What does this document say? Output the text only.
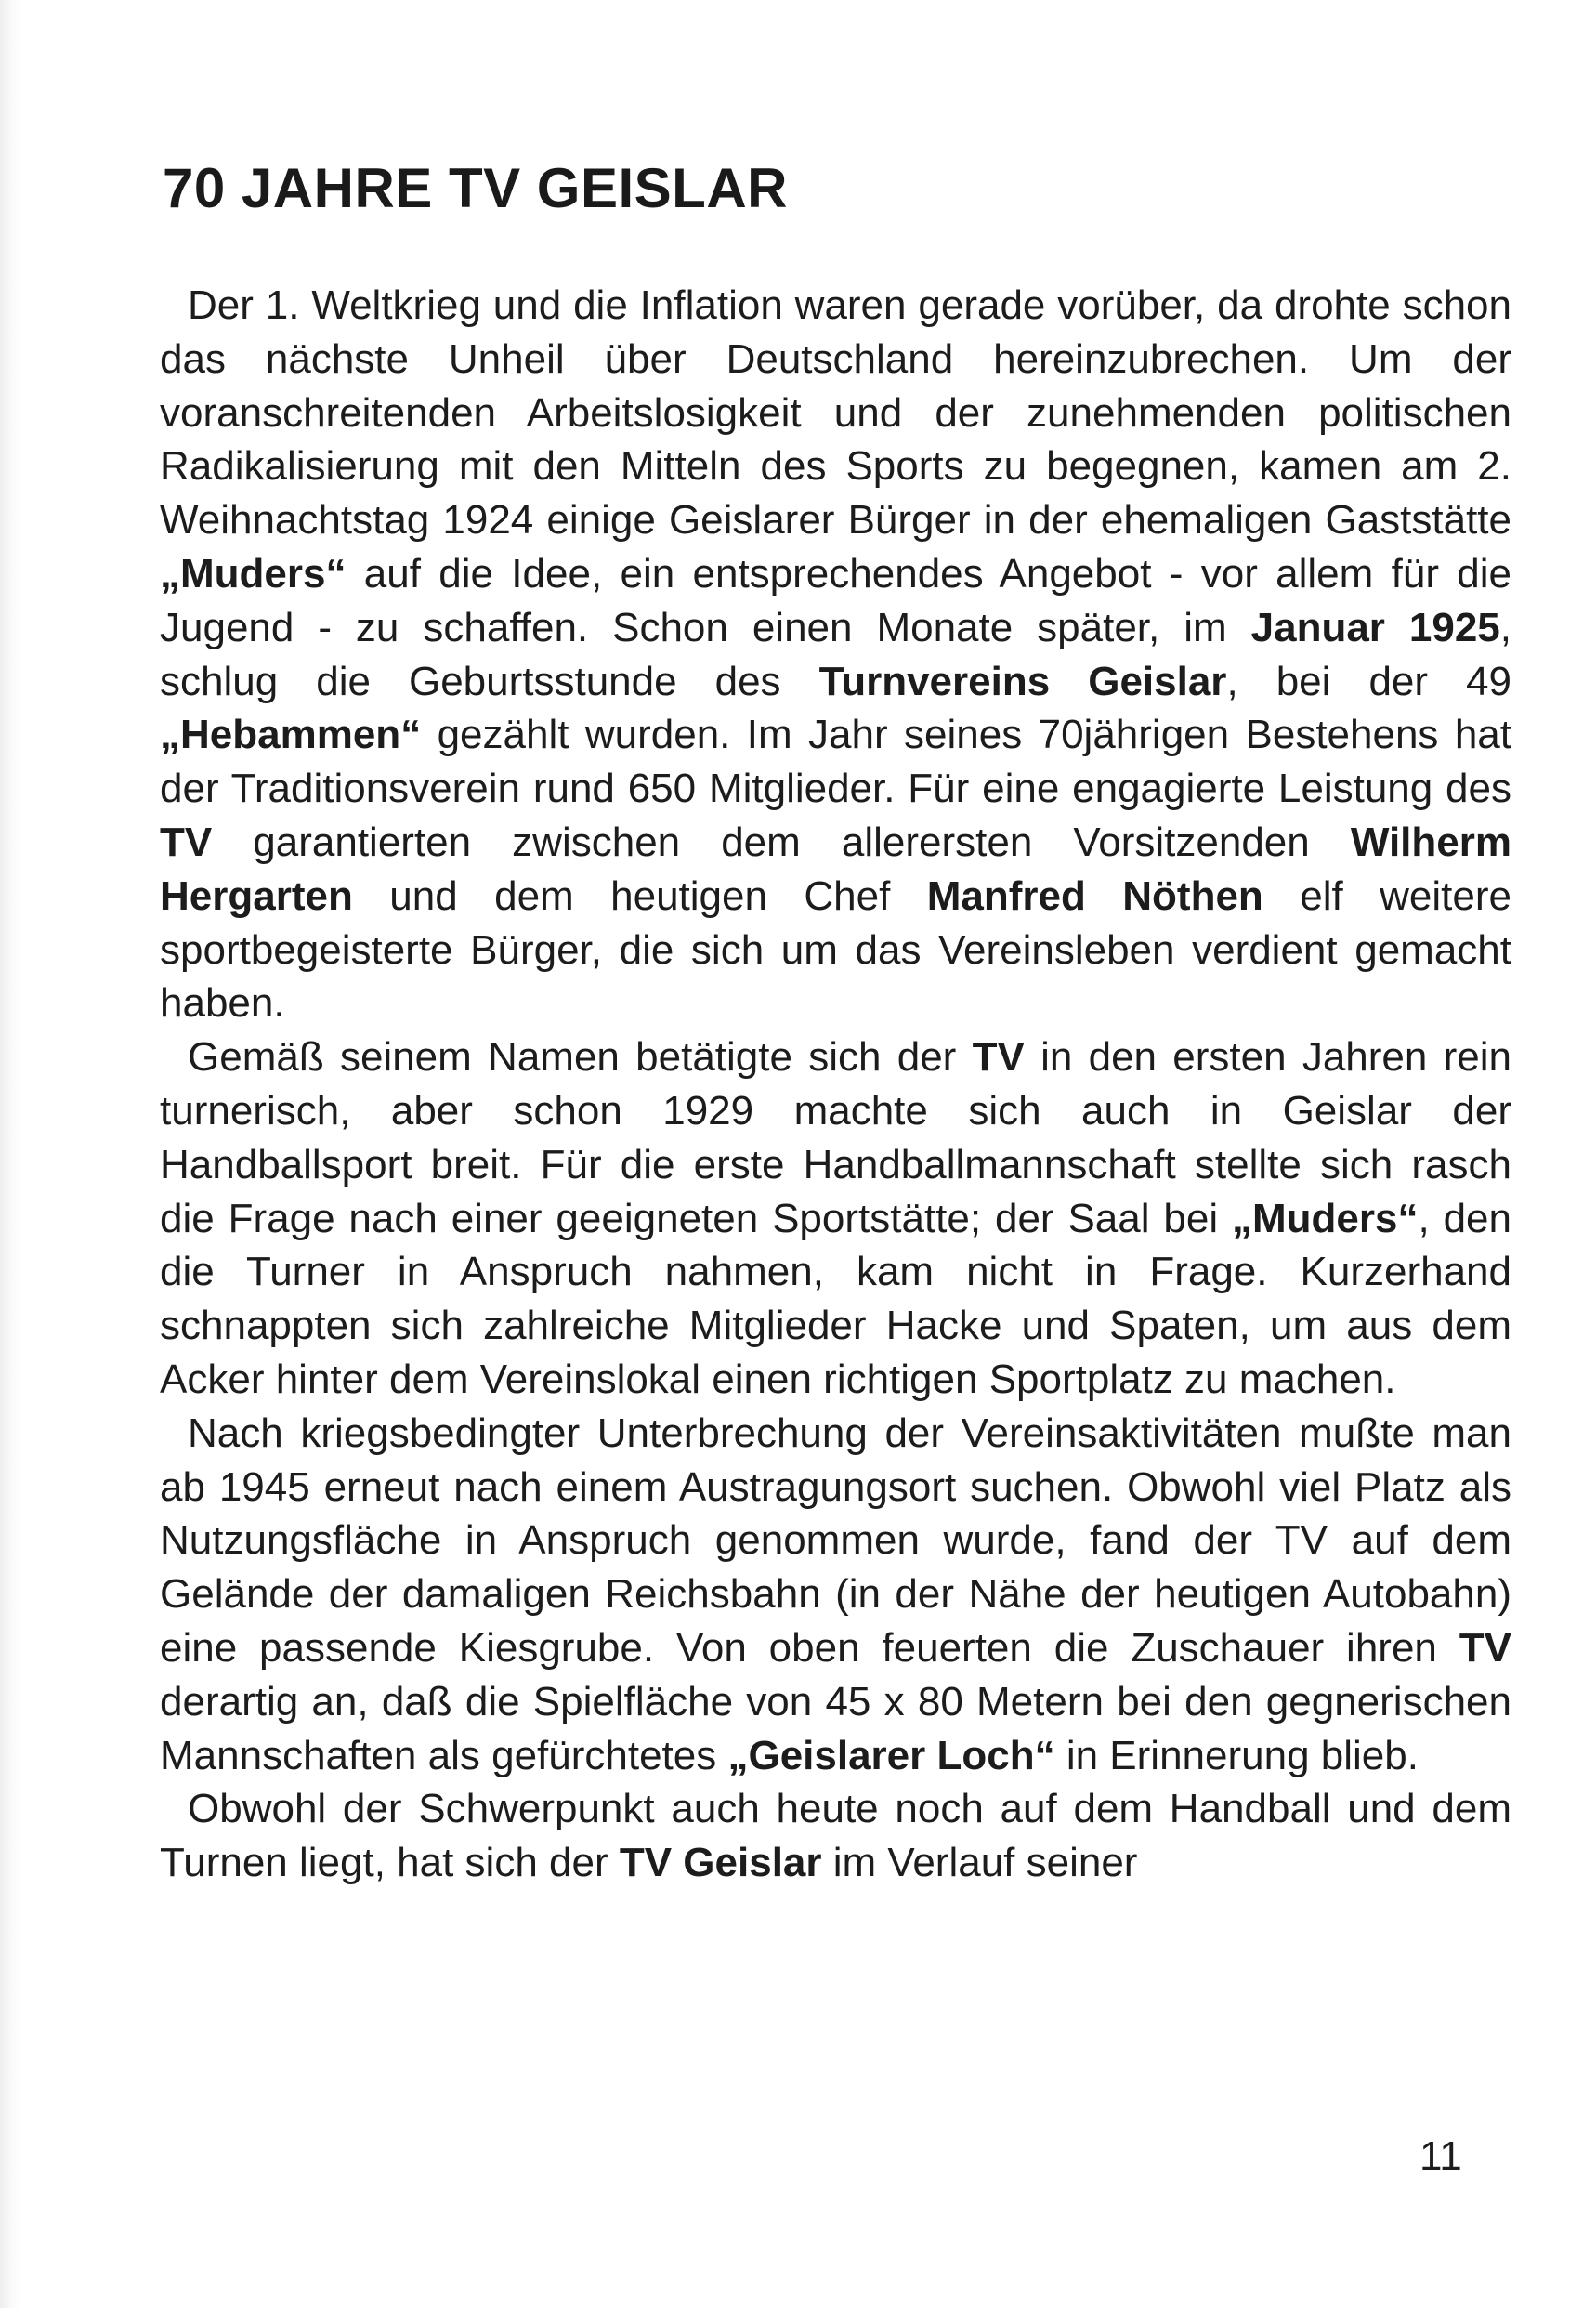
70 JAHRE TV GEISLAR

Der 1. Weltkrieg und die Inflation waren gerade vorüber, da drohte schon das nächste Unheil über Deutschland hereinzubrechen. Um der voranschreitenden Arbeitslosigkeit und der zunehmenden politischen Radikalisierung mit den Mitteln des Sports zu begegnen, kamen am 2. Weihnachtstag 1924 einige Geislarer Bürger in der ehemaligen Gaststätte „Muders“ auf die Idee, ein entsprechendes Angebot - vor allem für die Jugend - zu schaffen. Schon einen Monate später, im Januar 1925, schlug die Geburtsstunde des Turnvereins Geislar, bei der 49 „Hebammen“ gezählt wurden. Im Jahr seines 70jährigen Bestehens hat der Traditionsverein rund 650 Mitglieder. Für eine engagierte Leistung des TV garantierten zwischen dem allerersten Vorsitzenden Wilherm Hergarten und dem heutigen Chef Manfred Nöthen elf weitere sportbegeisterte Bürger, die sich um das Vereinsleben verdient gemacht haben.

Gemäß seinem Namen betätigte sich der TV in den ersten Jahren rein turnerisch, aber schon 1929 machte sich auch in Geislar der Handballsport breit. Für die erste Handballmannschaft stellte sich rasch die Frage nach einer geeigneten Sportstätte; der Saal bei „Muders“, den die Turner in Anspruch nahmen, kam nicht in Frage. Kurzerhand schnappten sich zahlreiche Mitglieder Hacke und Spaten, um aus dem Acker hinter dem Vereinslokal einen richtigen Sportplatz zu machen.

Nach kriegsbedingter Unterbrechung der Vereinsaktivitäten mußte man ab 1945 erneut nach einem Austragungsort suchen. Obwohl viel Platz als Nutzungsfläche in Anspruch genommen wurde, fand der TV auf dem Gelände der damaligen Reichsbahn (in der Nähe der heutigen Autobahn) eine passende Kiesgrube. Von oben feuerten die Zuschauer ihren TV derartig an, daß die Spielfläche von 45 x 80 Metern bei den gegnerischen Mannschaften als gefürchtetes „Geislarer Loch“ in Erinnerung blieb.

Obwohl der Schwerpunkt auch heute noch auf dem Handball und dem Turnen liegt, hat sich der TV Geislar im Verlauf seiner

11
